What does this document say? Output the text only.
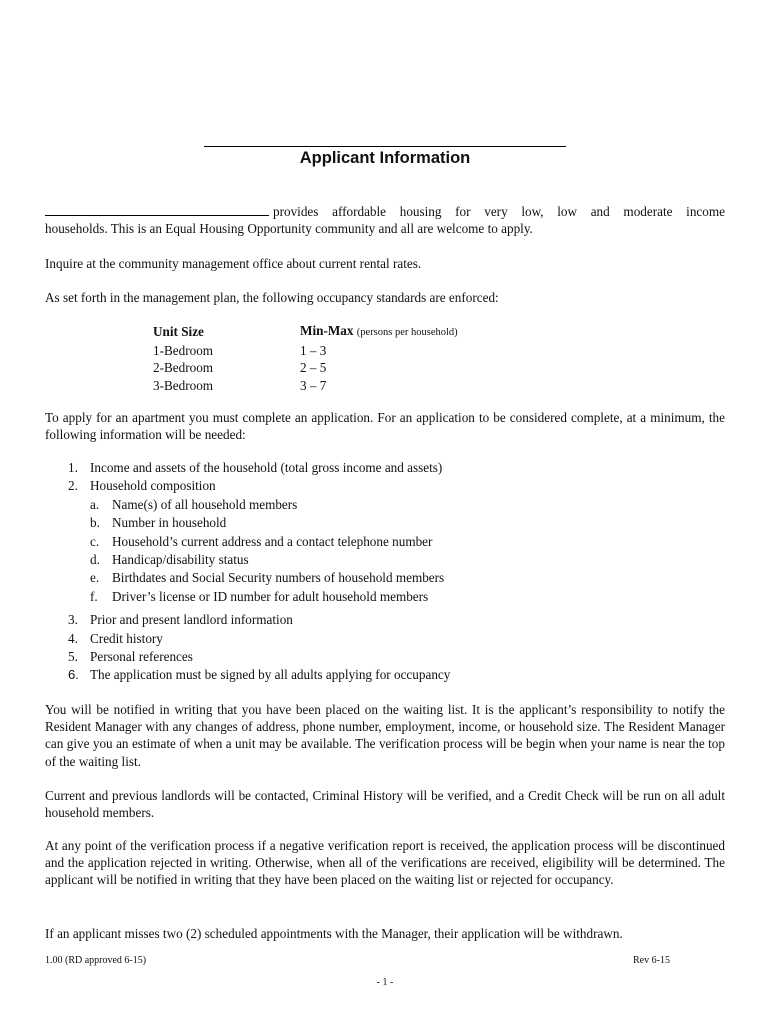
Applicant Information
provides affordable housing for very low, low and moderate income
households. This is an Equal Housing Opportunity community and all are welcome to apply.
Inquire at the community management office about current rental rates.
As set forth in the management plan, the following occupancy standards are enforced:
Unit Size	Min-Max (persons per household)
1-Bedroom	1 – 3
2-Bedroom	2 – 5
3-Bedroom	3 – 7
To apply for an apartment you must complete an application. For an application to be considered complete, at a minimum, the following information will be needed:
1. Income and assets of the household (total gross income and assets)
2. Household composition
a. Name(s) of all household members
b. Number in household
c. Household’s current address and a contact telephone number
d. Handicap/disability status
e. Birthdates and Social Security numbers of household members
f. Driver’s license or ID number for adult household members
3. Prior and present landlord information
4. Credit history
5. Personal references
6. The application must be signed by all adults applying for occupancy
You will be notified in writing that you have been placed on the waiting list. It is the applicant’s responsibility to notify the Resident Manager with any changes of address, phone number, employment, income, or household size. The Resident Manager can give you an estimate of when a unit may be available. The verification process will be begin when your name is near the top of the waiting list.
Current and previous landlords will be contacted, Criminal History will be verified, and a Credit Check will be run on all adult household members.
At any point of the verification process if a negative verification report is received, the application process will be discontinued and the application rejected in writing. Otherwise, when all of the verifications are received, eligibility will be determined. The applicant will be notified in writing that they have been placed on the waiting list or rejected for occupancy.
If an applicant misses two (2) scheduled appointments with the Manager, their application will be withdrawn.
1.00 (RD approved 6-15)	Rev 6-15
- 1 -
